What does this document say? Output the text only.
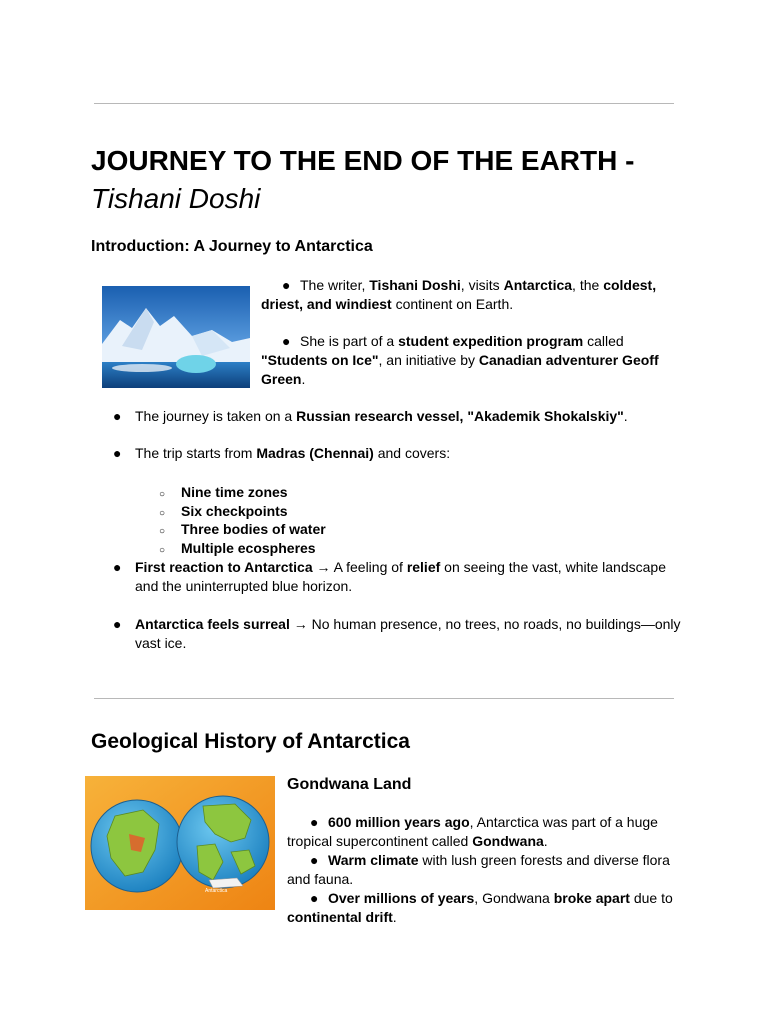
JOURNEY TO THE END OF THE EARTH -
Tishani Doshi
Introduction: A Journey to Antarctica

● The writer, Tishani Doshi, visits Antarctica, the coldest,
driest, and windiest continent on Earth.

● She is part of a student expedition program called
"Students on Ice", an initiative by Canadian adventurer Geoff
Green.

● The journey is taken on a Russian research vessel, "Akademik Shokalskiy".

● The trip starts from Madras (Chennai) and covers:

○ Nine time zones
○ Six checkpoints
○ Three bodies of water
○ Multiple ecospheres

● First reaction to Antarctica → A feeling of relief on seeing the vast, white landscape
and the uninterrupted blue horizon.

● Antarctica feels surreal → No human presence, no trees, no roads, no buildings—only
vast ice.

Geological History of Antarctica
Antarctica
Gondwana Land

● 600 million years ago, Antarctica was part of a huge
tropical supercontinent called Gondwana.

● Warm climate with lush green forests and diverse flora
and fauna.

● Over millions of years, Gondwana broke apart due to
continental drift.
